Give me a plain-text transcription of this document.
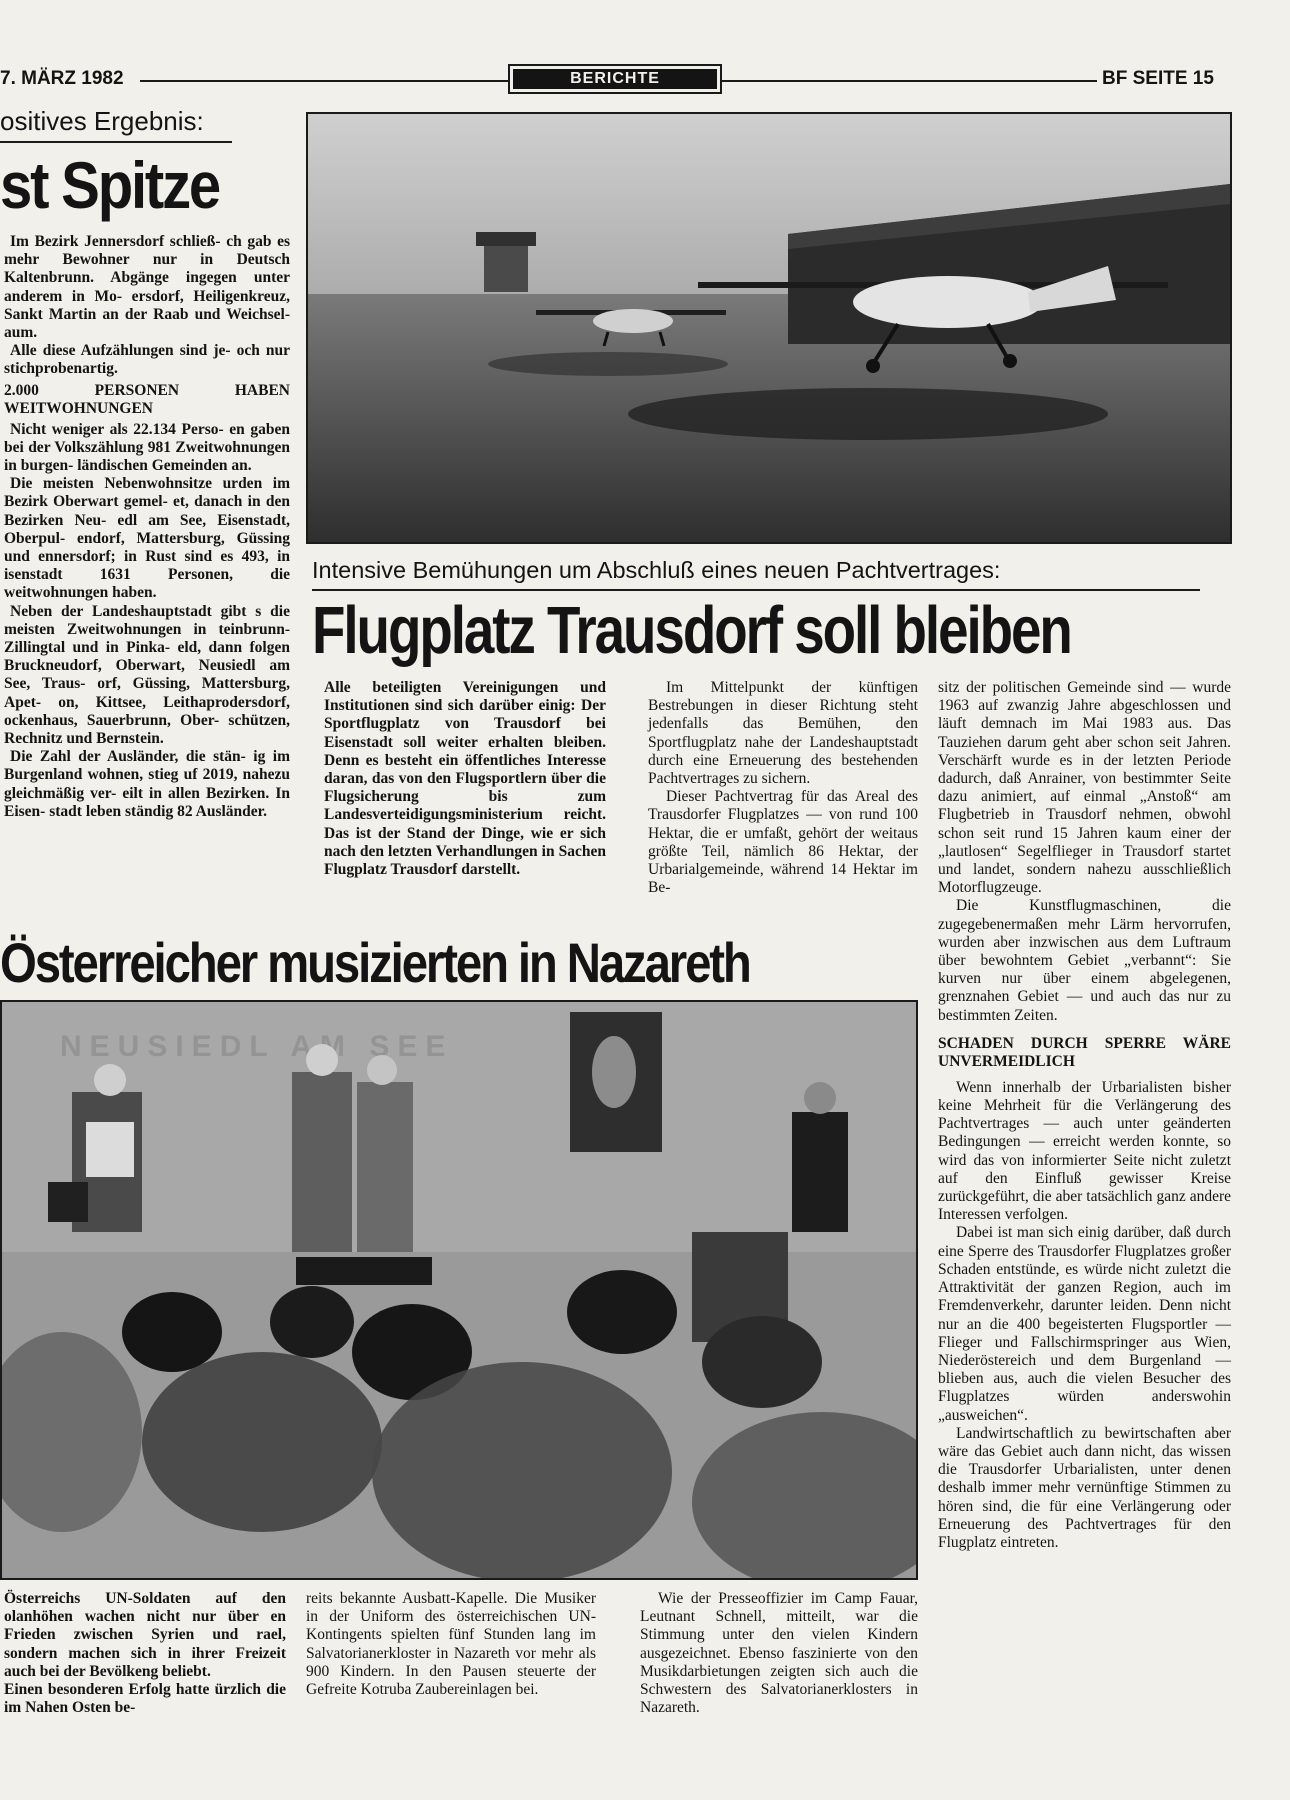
7. MÄRZ 1982	BERICHTE	BF SEITE 15
ositives Ergebnis:
st Spitze

Im Bezirk Jennersdorf schließ- ch gab es mehr Bewohner nur in Deutsch Kaltenbrunn. Abgänge ingegen unter anderem in Mo- ersdorf, Heiligenkreuz, Sankt Martin an der Raab und Weichsel- aum.

Alle diese Aufzählungen sind je- och nur stichprobenartig.

2.000 PERSONEN HABEN WEITWOHNUNGEN

Nicht weniger als 22.134 Perso- en gaben bei der Volkszählung 981 Zweitwohnungen in burgen- ländischen Gemeinden an.

Die meisten Nebenwohnsitze urden im Bezirk Oberwart gemel- et, danach in den Bezirken Neu- edl am See, Eisenstadt, Oberpul- endorf, Mattersburg, Güssing und ennersdorf; in Rust sind es 493, in isenstadt 1631 Personen, die weitwohnungen haben.

Neben der Landeshauptstadt gibt s die meisten Zweitwohnungen in teinbrunn-Zillingtal und in Pinka- eld, dann folgen Bruckneudorf, Oberwart, Neusiedl am See, Traus- orf, Güssing, Mattersburg, Apet- on, Kittsee, Leithaprodersdorf, ockenhaus, Sauerbrunn, Ober- schützen, Rechnitz und Bernstein.

Die Zahl der Ausländer, die stän- ig im Burgenland wohnen, stieg uf 2019, nahezu gleichmäßig ver- eilt in allen Bezirken. In Eisen- stadt leben ständig 82 Ausländer.

Intensive Bemühungen um Abschluß eines neuen Pachtvertrages:
Flugplatz Trausdorf soll bleiben
Alle beteiligten Vereinigungen und Institutionen sind sich darüber einig: Der Sportflugplatz von Trausdorf bei Eisenstadt soll weiter erhalten bleiben. Denn es besteht ein öffentliches Interesse daran, das von den Flugsportlern über die Flugsicherung bis zum Landesverteidigungsministerium reicht. Das ist der Stand der Dinge, wie er sich nach den letzten Verhandlungen in Sachen Flugplatz Trausdorf darstellt.

Im Mittelpunkt der künftigen Bestrebungen in dieser Richtung steht jedenfalls das Bemühen, den Sportflugplatz nahe der Landeshauptstadt durch eine Erneuerung des bestehenden Pachtvertrages zu sichern.

Dieser Pachtvertrag für das Areal des Trausdorfer Flugplatzes — von rund 100 Hektar, die er umfaßt, gehört der weitaus größte Teil, nämlich 86 Hektar, der Urbarialgemeinde, während 14 Hektar im Be-

sitz der politischen Gemeinde sind — wurde 1963 auf zwanzig Jahre abgeschlossen und läuft demnach im Mai 1983 aus. Das Tauziehen darum geht aber schon seit Jahren. Verschärft wurde es in der letzten Periode dadurch, daß Anrainer, von bestimmter Seite dazu animiert, auf einmal „Anstoß“ am Flugbetrieb in Trausdorf nehmen, obwohl schon seit rund 15 Jahren kaum einer der „lautlosen“ Segelflieger in Trausdorf startet und landet, sondern nahezu ausschließlich Motorflugzeuge.

Die Kunstflugmaschinen, die zugegebenermaßen mehr Lärm hervorrufen, wurden aber inzwischen aus dem Luftraum über bewohntem Gebiet „verbannt“: Sie kurven nur über einem abgelegenen, grenznahen Gebiet — und auch das nur zu bestimmten Zeiten.

SCHADEN DURCH SPERRE WÄRE UNVERMEIDLICH

Wenn innerhalb der Urbarialisten bisher keine Mehrheit für die Verlängerung des Pachtvertrages — auch unter geänderten Bedingungen — erreicht werden konnte, so wird das von informierter Seite nicht zuletzt auf den Einfluß gewisser Kreise zurückgeführt, die aber tatsächlich ganz andere Interessen verfolgen.

Dabei ist man sich einig darüber, daß durch eine Sperre des Trausdorfer Flugplatzes großer Schaden entstünde, es würde nicht zuletzt die Attraktivität der ganzen Region, auch im Fremdenverkehr, darunter leiden. Denn nicht nur an die 400 begeisterten Flugsportler — Flieger und Fallschirmspringer aus Wien, Niederöstereich und dem Burgenland — blieben aus, auch die vielen Besucher des Flugplatzes würden anderswohin „ausweichen“.

Landwirtschaftlich zu bewirtschaften aber wäre das Gebiet auch dann nicht, das wissen die Trausdorfer Urbarialisten, unter denen deshalb immer mehr vernünftige Stimmen zu hören sind, die für eine Verlängerung oder Erneuerung des Pachtvertrages für den Flugplatz eintreten.

Österreicher musizierten in Nazareth

Österreichs UN-Soldaten auf den olanhöhen wachen nicht nur über en Frieden zwischen Syrien und rael, sondern machen sich in ihrer Freizeit auch bei der Bevölkeng beliebt.

Einen besonderen Erfolg hatte ürzlich die im Nahen Osten be-

reits bekannte Ausbatt-Kapelle. Die Musiker in der Uniform des österreichischen UN-Kontingents spielten fünf Stunden lang im Salvatorianerkloster in Nazareth vor mehr als 900 Kindern. In den Pausen steuerte der Gefreite Kotruba Zaubereinlagen bei.

Wie der Presseoffizier im Camp Fauar, Leutnant Schnell, mitteilt, war die Stimmung unter den vielen Kindern ausgezeichnet. Ebenso faszinierte von den Musikdarbietungen zeigten sich auch die Schwestern des Salvatorianerklosters in Nazareth.
